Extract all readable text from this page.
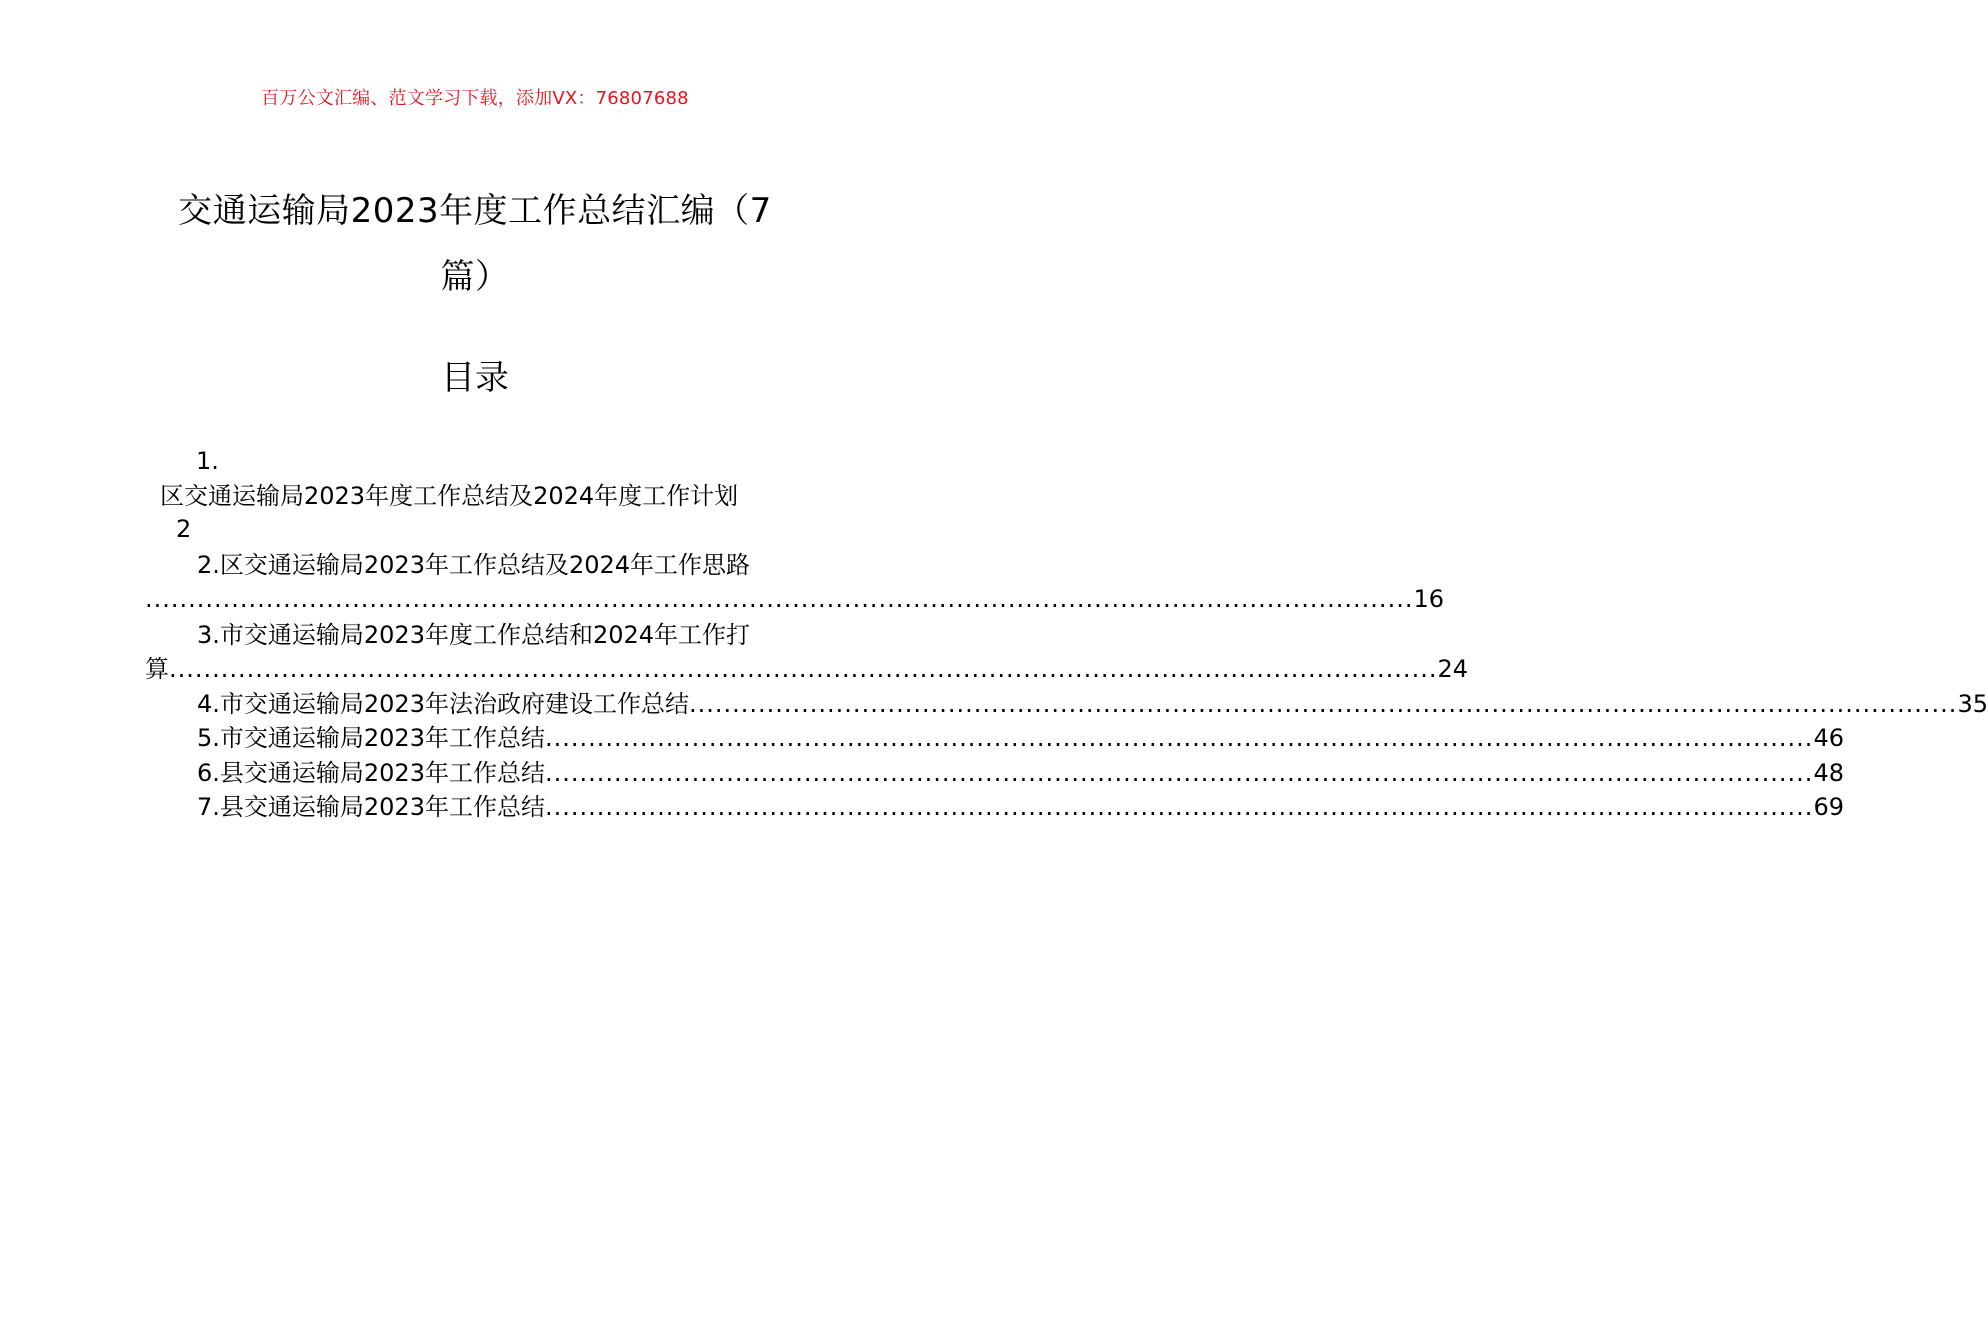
百万公文汇编、范文学习下载，添加VX：76807688
交通运输局2023年度工作总结汇编（7
篇）
目录
1.
区交通运输局2023年度工作总结及2024年度工作计划
2
2.区交通运输局2023年工作总结及2024年工作思路
................................................................................................................................................... 16
3.市交通运输局2023年度工作总结和2024年工作打
算 ................................................................................................................................................... 24
4.市交通运输局2023年法治政府建设工作总结 ................................................................................................................................................... 35
5.市交通运输局2023年工作总结 ................................................................................................................................................... 46
6.县交通运输局2023年工作总结 ................................................................................................................................................... 48
7.县交通运输局2023年工作总结 ................................................................................................................................................... 69
